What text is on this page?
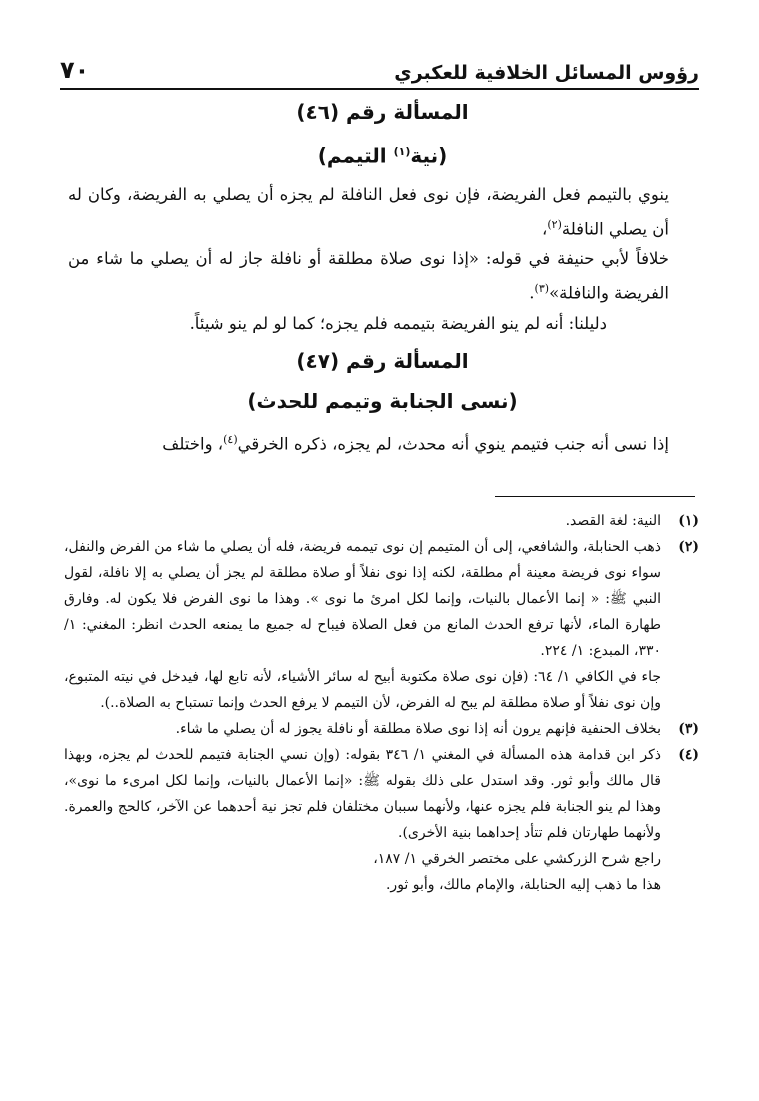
رؤوس المسائل الخلافية للعكبري
٧٠
المسألة رقم (٤٦)
(نية$^{(١)}$ التيمم)

ينوي بالتيمم فعل الفريضة، فإن نوى فعل النافلة لم يجزه أن يصلي به الفريضة، وكان له أن يصلي النافلة$^{(٢)}$،

خلافاً لأبي حنيفة في قوله: «إذا نوى صلاة مطلقة أو نافلة جاز له أن يصلي ما شاء من الفريضة والنافلة»$^{(٣)}$.

دليلنا: أنه لم ينو الفريضة بتيممه فلم يجزه؛ كما لو لم ينو شيئاً.

المسألة رقم (٤٧)
(نسى الجنابة وتيمم للحدث)

إذا نسى أنه جنب فتيمم ينوي أنه محدث، لم يجزه، ذكره الخرقي$^{(٤)}$، واختلف

(١)
النية: لغة القصد.
(٢)
ذهب الحنابلة، والشافعي، إلى أن المتيمم إن نوى تيممه فريضة، فله أن يصلي ما شاء من الفرض والنفل، سواء نوى فريضة معينة أم مطلقة، لكنه إذا نوى نفلاً أو صلاة مطلقة لم يجز أن يصلي به إلا نافلة، لقول النبي ﷺ: « إنما الأعمال بالنيات، وإنما لكل امرئ ما نوى ». وهذا ما نوى الفرض فلا يكون له. وفارق طهارة الماء، لأنها ترفع الحدث المانع من فعل الصلاة فيباح له جميع ما يمنعه الحدث انظر: المغني: ١/ ٣٣٠، المبدع: ١/ ٢٢٤.
جاء في الكافي ١/ ٦٤: (فإن نوى صلاة مكتوبة أبيح له سائر الأشياء، لأنه تابع لها، فيدخل في نيته المتبوع، وإن نوى نفلاً أو صلاة مطلقة لم يبح له الفرض، لأن التيمم لا يرفع الحدث وإنما تستباح به الصلاة..).
(٣)
بخلاف الحنفية فإنهم يرون أنه إذا نوى صلاة مطلقة أو نافلة يجوز له أن يصلي ما شاء.
(٤)
ذكر ابن قدامة هذه المسألة في المغني ١/ ٣٤٦ بقوله: (وإن نسي الجنابة فتيمم للحدث لم يجزه، وبهذا قال مالك وأبو ثور. وقد استدل على ذلك بقوله ﷺ: «إنما الأعمال بالنيات، وإنما لكل امرىء ما نوى»، وهذا لم ينو الجنابة فلم يجزه عنها، ولأنهما سببان مختلفان فلم تجز نية أحدهما عن الآخر، كالحج والعمرة. ولأنهما طهارتان فلم تتأد إحداهما بنية الأخرى).
راجع شرح الزركشي على مختصر الخرقي ١/ ١٨٧،
هذا ما ذهب إليه الحنابلة، والإمام مالك، وأبو ثور.
